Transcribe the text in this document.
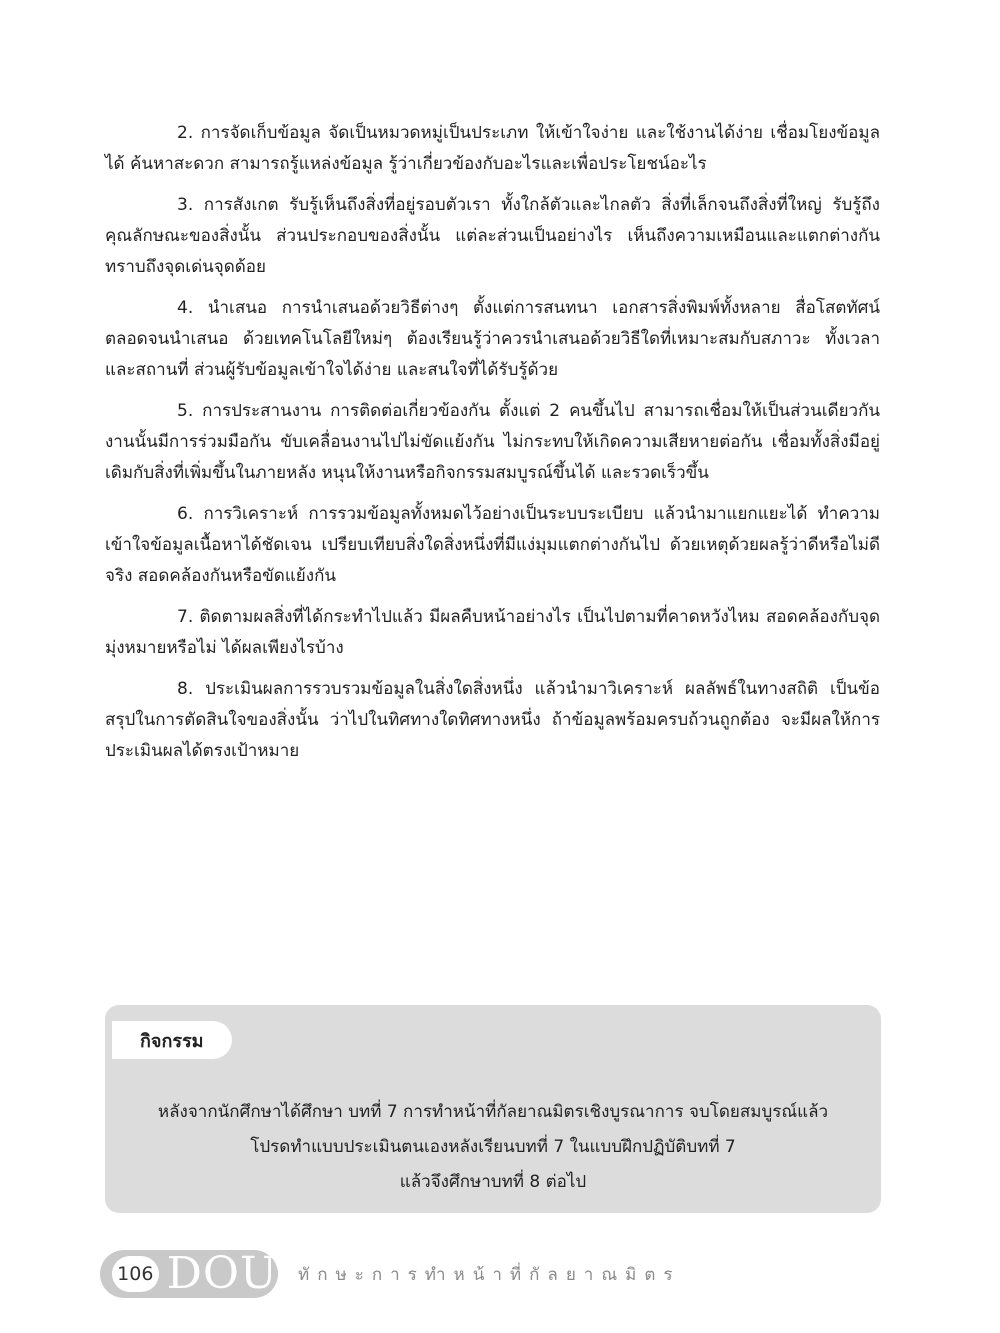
2. การจัดเก็บข้อมูล จัดเป็นหมวดหมู่เป็นประเภท ให้เข้าใจง่าย และใช้งานได้ง่าย เชื่อมโยงข้อมูลได้ ค้นหาสะดวก สามารถรู้แหล่งข้อมูล รู้ว่าเกี่ยวข้องกับอะไรและเพื่อประโยชน์อะไร

3. การสังเกต รับรู้เห็นถึงสิ่งที่อยู่รอบตัวเรา ทั้งใกล้ตัวและไกลตัว สิ่งที่เล็กจนถึงสิ่งที่ใหญ่ รับรู้ถึงคุณลักษณะของสิ่งนั้น ส่วนประกอบของสิ่งนั้น แต่ละส่วนเป็นอย่างไร เห็นถึงความเหมือนและแตกต่างกัน ทราบถึงจุดเด่นจุดด้อย

4. นำเสนอ การนำเสนอด้วยวิธีต่างๆ ตั้งแต่การสนทนา เอกสารสิ่งพิมพ์ทั้งหลาย สื่อโสตทัศน์ ตลอดจนนำเสนอ ด้วยเทคโนโลยีใหม่ๆ ต้องเรียนรู้ว่าควรนำเสนอด้วยวิธีใดที่เหมาะสมกับสภาวะ ทั้งเวลาและสถานที่ ส่วนผู้รับข้อมูลเข้าใจได้ง่าย และสนใจที่ได้รับรู้ด้วย

5. การประสานงาน การติดต่อเกี่ยวข้องกัน ตั้งแต่ 2 คนขึ้นไป สามารถเชื่อมให้เป็นส่วนเดียวกัน งานนั้นมีการร่วมมือกัน ขับเคลื่อนงานไปไม่ขัดแย้งกัน ไม่กระทบให้เกิดความเสียหายต่อกัน เชื่อมทั้งสิ่งมีอยู่เดิมกับสิ่งที่เพิ่มขึ้นในภายหลัง หนุนให้งานหรือกิจกรรมสมบูรณ์ขึ้นได้ และรวดเร็วขึ้น

6. การวิเคราะห์ การรวมข้อมูลทั้งหมดไว้อย่างเป็นระบบระเบียบ แล้วนำมาแยกแยะได้ ทำความเข้าใจข้อมูลเนื้อหาได้ชัดเจน เปรียบเทียบสิ่งใดสิ่งหนึ่งที่มีแง่มุมแตกต่างกันไป ด้วยเหตุด้วยผลรู้ว่าดีหรือไม่ดีจริง สอดคล้องกันหรือขัดแย้งกัน

7. ติดตามผลสิ่งที่ได้กระทำไปแล้ว มีผลคืบหน้าอย่างไร เป็นไปตามที่คาดหวังไหม สอดคล้องกับจุดมุ่งหมายหรือไม่ ได้ผลเพียงไรบ้าง

8. ประเมินผลการรวบรวมข้อมูลในสิ่งใดสิ่งหนึ่ง แล้วนำมาวิเคราะห์ ผลลัพธ์ในทางสถิติ เป็นข้อสรุปในการตัดสินใจของสิ่งนั้น ว่าไปในทิศทางใดทิศทางหนึ่ง ถ้าข้อมูลพร้อมครบถ้วนถูกต้อง จะมีผลให้การประเมินผลได้ตรงเป้าหมาย

กิจกรรม
หลังจากนักศึกษาได้ศึกษา บทที่ 7 การทำหน้าที่กัลยาณมิตรเชิงบูรณาการ จบโดยสมบูรณ์แล้ว
โปรดทำแบบประเมินตนเองหลังเรียนบทที่ 7 ในแบบฝึกปฏิบัติบทที่ 7
แล้วจึงศึกษาบทที่ 8 ต่อไป
106 DOU ทักษะการทำหน้าที่กัลยาณมิตร
